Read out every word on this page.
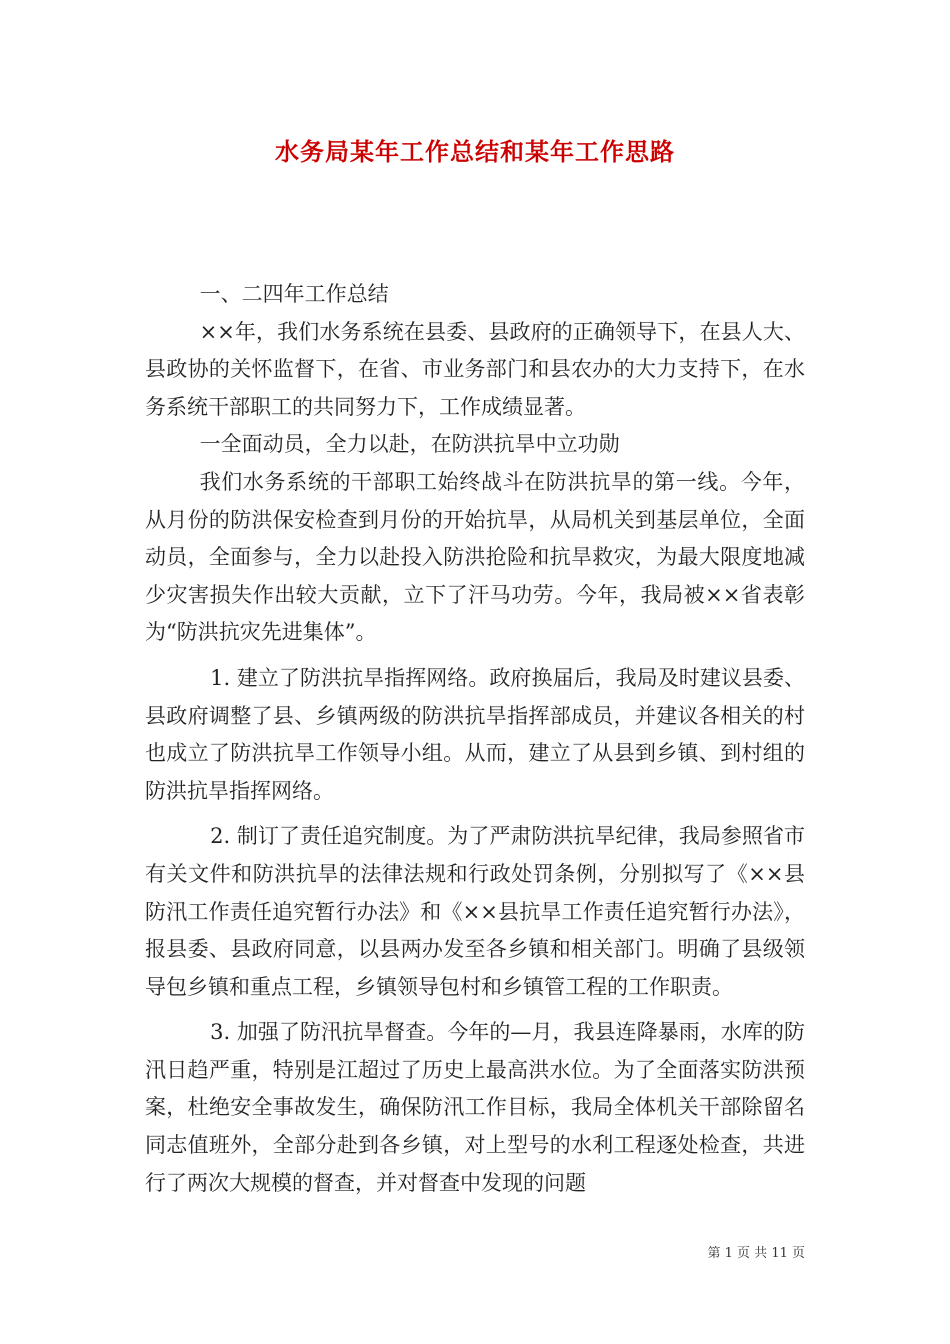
水务局某年工作总结和某年工作思路

一、二四年工作总结

××年，我们水务系统在县委、县政府的正确领导下，在县人大、县政协的关怀监督下，在省、市业务部门和县农办的大力支持下，在水务系统干部职工的共同努力下，工作成绩显著。

一全面动员，全力以赴，在防洪抗旱中立功勋

我们水务系统的干部职工始终战斗在防洪抗旱的第一线。今年，从月份的防洪保安检查到月份的开始抗旱，从局机关到基层单位，全面动员，全面参与，全力以赴投入防洪抢险和抗旱救灾，为最大限度地减少灾害损失作出较大贡献，立下了汗马功劳。今年，我局被××省表彰为“防洪抗灾先进集体”。

1. 建立了防洪抗旱指挥网络。政府换届后，我局及时建议县委、县政府调整了县、乡镇两级的防洪抗旱指挥部成员，并建议各相关的村也成立了防洪抗旱工作领导小组。从而，建立了从县到乡镇、到村组的防洪抗旱指挥网络。

2. 制订了责任追究制度。为了严肃防洪抗旱纪律，我局参照省市有关文件和防洪抗旱的法律法规和行政处罚条例，分别拟写了《××县防汛工作责任追究暂行办法》和《××县抗旱工作责任追究暂行办法》，报县委、县政府同意，以县两办发至各乡镇和相关部门。明确了县级领导包乡镇和重点工程，乡镇领导包村和乡镇管工程的工作职责。

3. 加强了防汛抗旱督查。今年的—月，我县连降暴雨，水库的防汛日趋严重，特别是江超过了历史上最高洪水位。为了全面落实防洪预案，杜绝安全事故发生，确保防汛工作目标，我局全体机关干部除留名同志值班外，全部分赴到各乡镇，对上型号的水利工程逐处检查，共进行了两次大规模的督查，并对督查中发现的问题

第 1 页 共 11 页
